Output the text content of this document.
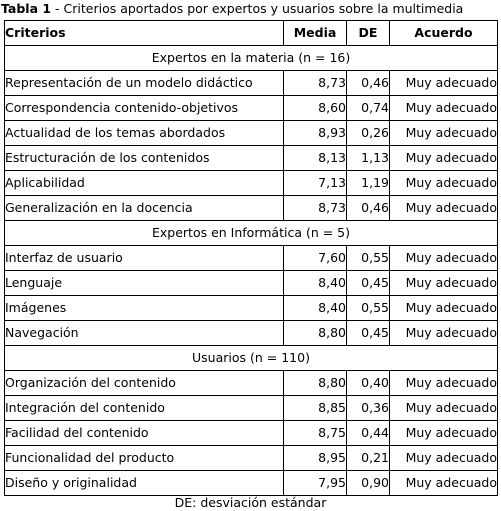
Tabla 1 - Criterios aportados por expertos y usuarios sobre la multimedia
Criterios	Media	DE	Acuerdo
Expertos en la materia (n = 16)			
Representación de un modelo didáctico	8,73	0,46	Muy adecuado
Correspondencia contenido-objetivos	8,60	0,74	Muy adecuado
Actualidad de los temas abordados	8,93	0,26	Muy adecuado
Estructuración de los contenidos	8,13	1,13	Muy adecuado
Aplicabilidad	7,13	1,19	Muy adecuado
Generalización en la docencia	8,73	0,46	Muy adecuado
Expertos en Informática (n = 5)			
Interfaz de usuario	7,60	0,55	Muy adecuado
Lenguaje	8,40	0,45	Muy adecuado
Imágenes	8,40	0,55	Muy adecuado
Navegación	8,80	0,45	Muy adecuado
Usuarios (n = 110)			
Organización del contenido	8,80	0,40	Muy adecuado
Integración del contenido	8,85	0,36	Muy adecuado
Facilidad del contenido	8,75	0,44	Muy adecuado
Funcionalidad del producto	8,95	0,21	Muy adecuado
Diseño y originalidad	7,95	0,90	Muy adecuado
DE: desviación estándar
